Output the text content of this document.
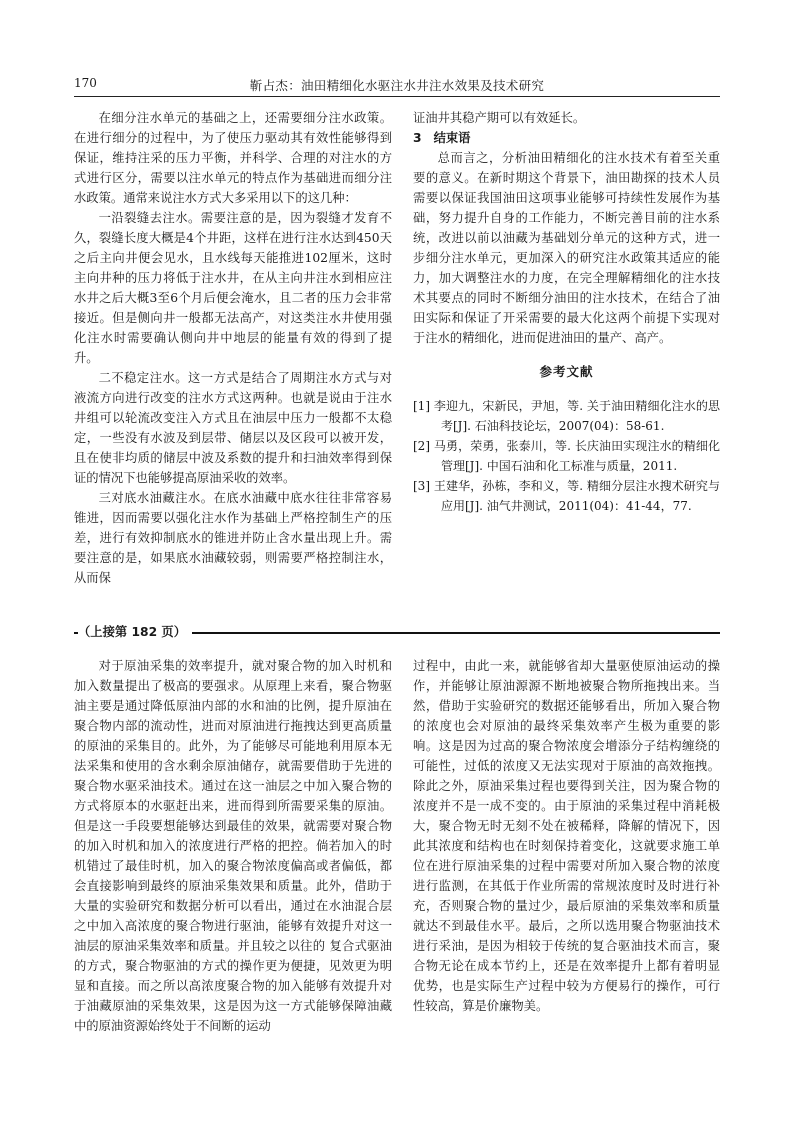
170	靳占杰：油田精细化水驱注水井注水效果及技术研究

在细分注水单元的基础之上，还需要细分注水政策。在进行细分的过程中，为了使压力驱动其有效性能够得到保证，维持注采的压力平衡，并科学、合理的对注水的方式进行区分，需要以注水单元的特点作为基础进而细分注水政策。通常来说注水方式大多采用以下的这几种：

一沿裂缝去注水。需要注意的是，因为裂缝才发育不久，裂缝长度大概是4个井距，这样在进行注水达到450天之后主向井便会见水，且水线每天能推进102厘米，这时主向井种的压力将低于注水井，在从主向井注水到相应注水井之后大概3至6个月后便会淹水，且二者的压力会非常接近。但是侧向井一般都无法高产，对这类注水井使用强化注水时需要确认侧向井中地层的能量有效的得到了提升。

二不稳定注水。这一方式是结合了周期注水方式与对液流方向进行改变的注水方式这两种。也就是说由于注水井组可以轮流改变注入方式且在油层中压力一般都不太稳定，一些没有水波及到层带、储层以及区段可以被开发，且在使非均质的储层中波及系数的提升和扫油效率得到保证的情况下也能够提高原油采收的效率。

三对底水油藏注水。在底水油藏中底水往往非常容易锥进，因而需要以强化注水作为基础上严格控制生产的压差，进行有效抑制底水的锥进并防止含水量出现上升。需要注意的是，如果底水油藏较弱，则需要严格控制注水，从而保

证油井其稳产期可以有效延长。

3 结束语

总而言之，分析油田精细化的注水技术有着至关重要的意义。在新时期这个背景下，油田勘探的技术人员需要以保证我国油田这项事业能够可持续性发展作为基础，努力提升自身的工作能力，不断完善目前的注水系统，改进以前以油藏为基础划分单元的这种方式，进一步细分注水单元，更加深入的研究注水政策其适应的能力，加大调整注水的力度，在完全理解精细化的注水技术其要点的同时不断细分油田的注水技术，在结合了油田实际和保证了开采需要的最大化这两个前提下实现对于注水的精细化，进而促进油田的量产、高产。

参考文献

[1] 李迎九，宋新民，尹旭，等. 关于油田精细化注水的思考[J]. 石油科技论坛，2007(04)：58-61.

[2] 马勇，荣勇，张泰川，等. 长庆油田实现注水的精细化管理[J]. 中国石油和化工标准与质量，2011.

[3] 王建华，孙栋，李和义，等. 精细分层注水搜术研究与应用[J]. 油气井测试，2011(04)：41-44，77.

（上接第 182 页）

对于原油采集的效率提升，就对聚合物的加入时机和加入数量提出了极高的要强求。从原理上来看，聚合物驱油主要是通过降低原油内部的水和油的比例，提升原油在聚合物内部的流动性，进而对原油进行拖拽达到更高质量的原油的采集目的。此外，为了能够尽可能地利用原本无法采集和使用的含水剩余原油储存，就需要借助于先进的聚合物水驱采油技术。通过在这一油层之中加入聚合物的方式将原本的水驱赶出来，进而得到所需要采集的原油。但是这一手段要想能够达到最佳的效果，就需要对聚合物的加入时机和加入的浓度进行严格的把控。倘若加入的时机错过了最佳时机，加入的聚合物浓度偏高或者偏低，都会直接影响到最终的原油采集效果和质量。此外，借助于大量的实验研究和数据分析可以看出，通过在水油混合层之中加入高浓度的聚合物进行驱油，能够有效提升对这一油层的原油采集效率和质量。并且较之以往的 复合式驱油的方式，聚合物驱油的方式的操作更为便捷，见效更为明显和直接。而之所以高浓度聚合物的加入能够有效提升对于油藏原油的采集效果，这是因为这一方式能够保障油藏中的原油资源始终处于不间断的运动

过程中，由此一来，就能够省却大量驱使原油运动的操作，并能够让原油源源不断地被聚合物所拖拽出来。当然，借助于实验研究的数据还能够看出，所加入聚合物的浓度也会对原油的最终采集效率产生极为重要的影响。这是因为过高的聚合物浓度会增添分子结构缠绕的可能性，过低的浓度又无法实现对于原油的高效拖拽。除此之外，原油采集过程也要得到关注，因为聚合物的浓度并不是一成不变的。由于原油的采集过程中消耗极大，聚合物无时无刻不处在被稀释，降解的情况下，因此其浓度和结构也在时刻保持着变化，这就要求施工单位在进行原油采集的过程中需要对所加入聚合物的浓度进行监测，在其低于作业所需的常规浓度时及时进行补充，否则聚合物的量过少，最后原油的采集效率和质量就达不到最佳水平。最后，之所以选用聚合物驱油技术进行采油，是因为相较于传统的复合驱油技术而言，聚合物无论在成本节约上，还是在效率提升上都有着明显优势，也是实际生产过程中较为方便易行的操作，可行性较高，算是价廉物美。
